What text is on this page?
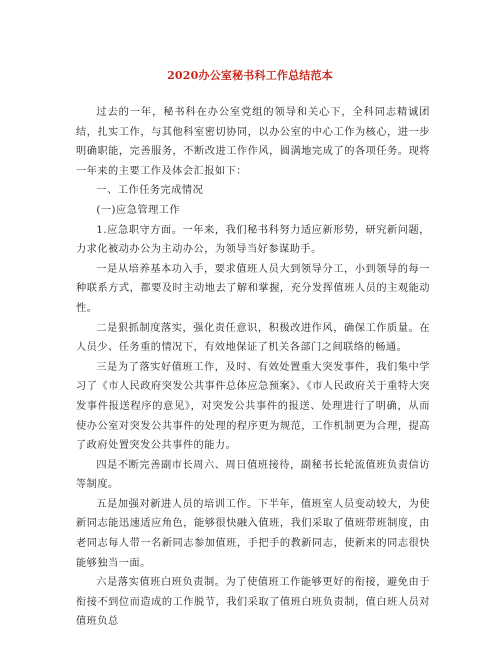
2020办公室秘书科工作总结范本

过去的一年，秘书科在办公室党组的领导和关心下，全科同志精诚团结，扎实工作，与其他科室密切协同，以办公室的中心工作为核心，进一步明确职能，完善服务，不断改进工作作风，圆满地完成了的各项任务。现将一年来的主要工作及体会汇报如下：

一、工作任务完成情况

(一)应急管理工作

1.应急职守方面。一年来，我们秘书科努力适应新形势，研究新问题，力求化被动办公为主动办公，为领导当好参谋助手。

一是从培养基本功入手，要求值班人员大到领导分工，小到领导的每一种联系方式，都要及时主动地去了解和掌握，充分发挥值班人员的主观能动性。

二是狠抓制度落实，强化责任意识，积极改进作风，确保工作质量。在人员少、任务重的情况下，有效地保证了机关各部门之间联络的畅通。

三是为了落实好值班工作，及时、有效处置重大突发事件，我们集中学习了《市人民政府突发公共事件总体应急预案》、《市人民政府关于重特大突发事件报送程序的意见》，对突发公共事件的报送、处理进行了明确，从而使办公室对突发公共事件的处理的程序更为规范，工作机制更为合理，提高了政府处置突发公共事件的能力。

四是不断完善副市长周六、周日值班接待，副秘书长轮流值班负责信访等制度。

五是加强对新进人员的培训工作。下半年，值班室人员变动较大，为使新同志能迅速适应角色，能够很快融入值班，我们采取了值班带班制度，由老同志每人带一名新同志参加值班，手把手的教新同志，使新来的同志很快能够独当一面。

六是落实值班白班负责制。为了使值班工作能够更好的衔接，避免由于衔接不到位而造成的工作脱节，我们采取了值班白班负责制，值白班人员对值班负总
